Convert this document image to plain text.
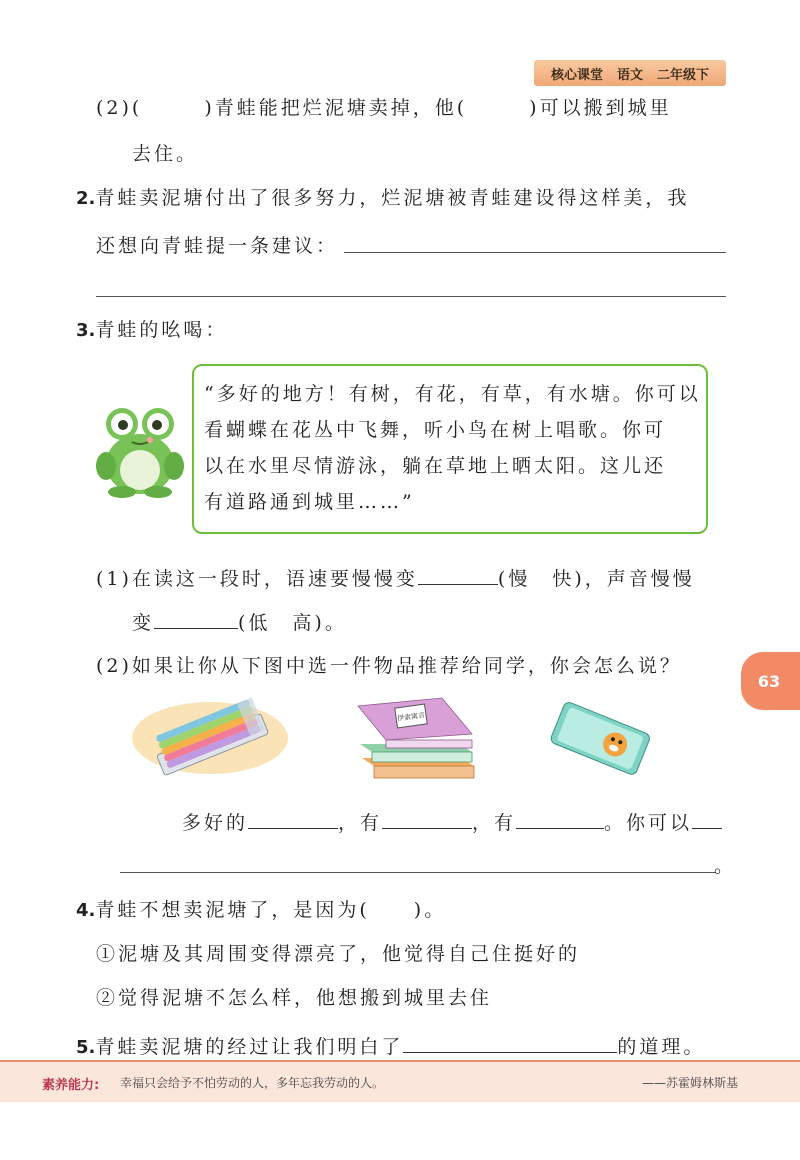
核心课堂 语文 二年级下
(2)(	)青蛙能把烂泥塘卖掉，他(	)可以搬到城里
去住。
2.青蛙卖泥塘付出了很多努力，烂泥塘被青蛙建设得这样美，我
还想向青蛙提一条建议：
3.青蛙的吆喝：
“多好的地方！有树，有花，有草，有水塘。你可以
看蝴蝶在花丛中飞舞，听小鸟在树上唱歌。你可
以在水里尽情游泳，躺在草地上晒太阳。这儿还
有道路通到城里……”
(1)在读这一段时，语速要慢慢变	(慢　快)，声音慢慢
变	(低　高)。
(2)如果让你从下图中选一件物品推荐给同学，你会怎么说？
伊索寓言
多好的	，有	，有	。你可以
。
4.青蛙不想卖泥塘了，是因为(　　)。
①泥塘及其周围变得漂亮了，他觉得自己住挺好的
②觉得泥塘不怎么样，他想搬到城里去住
5.青蛙卖泥塘的经过让我们明白了	的道理。
63
素养能力: 幸福只会给予不怕劳动的人，多年忘我劳动的人。	——苏霍姆林斯基
